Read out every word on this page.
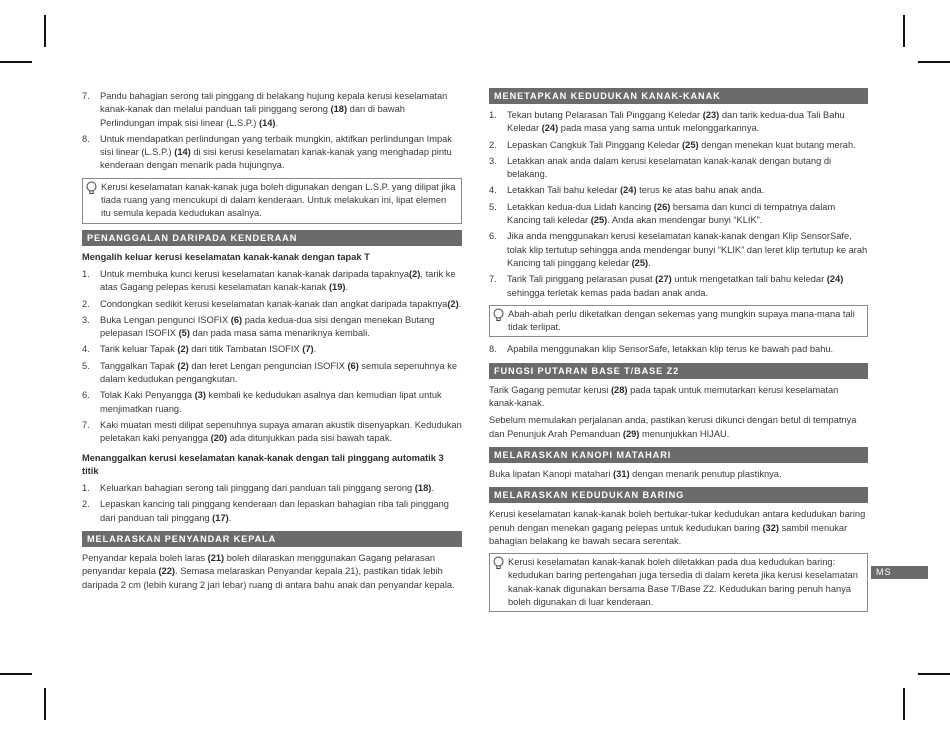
7. Pandu bahagian serong tali pinggang di belakang hujung kepala kerusi keselamatan kanak-kanak dan melalui panduan tali pinggang serong (18) dan di bawah Perlindungan impak sisi linear (L.S.P.) (14).
8. Untuk mendapatkan perlindungan yang terbaik mungkin, aktifkan perlindungan Impak sisi linear (L.S.P.) (14) di sisi kerusi keselamatan kanak-kanak yang menghadap pintu kenderaan dengan menarik pada hujungnya.
Kerusi keselamatan kanak-kanak juga boleh digunakan dengan L.S.P. yang dilipat jika tiada ruang yang mencukupi di dalam kenderaan. Untuk melakukan ini, lipat elemen itu semula kepada kedudukan asalnya.
PENANGGALAN DARIPADA KENDERAAN
Mengalih keluar kerusi keselamatan kanak-kanak dengan tapak T
1. Untuk membuka kunci kerusi keselamatan kanak-kanak daripada tapaknya(2), tarik ke atas Gagang pelepas kerusi keselamatan kanak-kanak (19).
2. Condongkan sedikit kerusi keselamatan kanak-kanak dan angkat daripada tapaknya(2).
3. Buka Lengan pengunci ISOFIX (6) pada kedua-dua sisi dengan menekan Butang pelepasan ISOFIX (5) dan pada masa sama menariknya kembali.
4. Tarik keluar Tapak (2) dari titik Tambatan ISOFIX (7).
5. Tanggalkan Tapak (2) dan leret Lengan penguncian ISOFIX (6) semula sepenuhnya ke dalam kedudukan pengangkutan.
6. Tolak Kaki Penyangga (3) kembali ke kedudukan asalnya dan kemudian lipat untuk menjimatkan ruang.
7. Kaki muatan mesti dilipat sepenuhnya supaya amaran akustik disenyapkan. Kedudukan peletakan kaki penyangga (20) ada ditunjukkan pada sisi bawah tapak.
Menanggalkan kerusi keselamatan kanak-kanak dengan tali pinggang automatik 3 titik
1. Keluarkan bahagian serong tali pinggang dari panduan tali pinggang serong (18).
2. Lepaskan kancing tali pinggang kenderaan dan lepaskan bahagian riba tali pinggang dari panduan tali pinggang (17).
MELARASKAN PENYANDAR KEPALA

Penyandar kepala boleh laras (21) boleh dilaraskan menggunakan Gagang pelarasan penyandar kepala (22). Semasa melaraskan Penyandar kepala 21), pastikan tidak lebih daripada 2 cm (lebih kurang 2 jari lebar) ruang di antara bahu anak dan penyandar kepala.

MENETAPKAN KEDUDUKAN KANAK-KANAK
1. Tekan butang Pelarasan Tali Pinggang Keledar (23) dan tarik kedua-dua Tali Bahu Keledar (24) pada masa yang sama untuk melonggarkannya.
2. Lepaskan Cangkuk Tali Pinggang Keledar (25) dengan menekan kuat butang merah.
3. Letakkan anak anda dalam kerusi keselamatan kanak-kanak dengan butang di belakang.
4. Letakkan Tali bahu keledar (24) terus ke atas bahu anak anda.
5. Letakkan kedua-dua Lidah kancing (26) bersama dan kunci di tempatnya dalam Kancing tali keledar (25). Anda akan mendengar bunyi “KLIK”.
6. Jika anda menggunakan kerusi keselamatan kanak-kanak dengan Klip SensorSafe, tolak klip tertutup sehingga anda mendengar bunyi “KLIK” dan leret klip tertutup ke arah Kancing tali pinggang keledar (25).
7. Tarik Tali pinggang pelarasan pusat (27) untuk mengetatkan tali bahu keledar (24) sehingga terletak kemas pada badan anak anda.
Abah-abah perlu diketatkan dengan sekemas yang mungkin supaya mana-mana tali tidak terlipat.
8. Apabila menggunakan klip SensorSafe, letakkan klip terus ke bawah pad bahu.
FUNGSI PUTARAN BASE T/BASE Z2

Tarik Gagang pemutar kerusi (28) pada tapak untuk memutarkan kerusi keselamatan kanak-kanak.

Sebelum memulakan perjalanan anda, pastikan kerusi dikunci dengan betul di tempatnya dan Penunjuk Arah Pemanduan (29) menunjukkan HIJAU.

MELARASKAN KANOPI MATAHARI

Buka lipatan Kanopi matahari (31) dengan menarik penutup plastiknya.

MELARASKAN KEDUDUKAN BARING

Kerusi keselamatan kanak-kanak boleh bertukar-tukar kedudukan antara kedudukan baring penuh dengan menekan gagang pelepas untuk kedudukan baring (32) sambil menukar bahagian belakang ke bawah secara serentak.

Kerusi keselamatan kanak-kanak boleh diletakkan pada dua kedudukan baring: kedudukan baring pertengahan juga tersedia di dalam kereta jika kerusi keselamatan kanak-kanak digunakan bersama Base T/Base Z2. Kedudukan baring penuh hanya boleh digunakan di luar kenderaan.
MS
